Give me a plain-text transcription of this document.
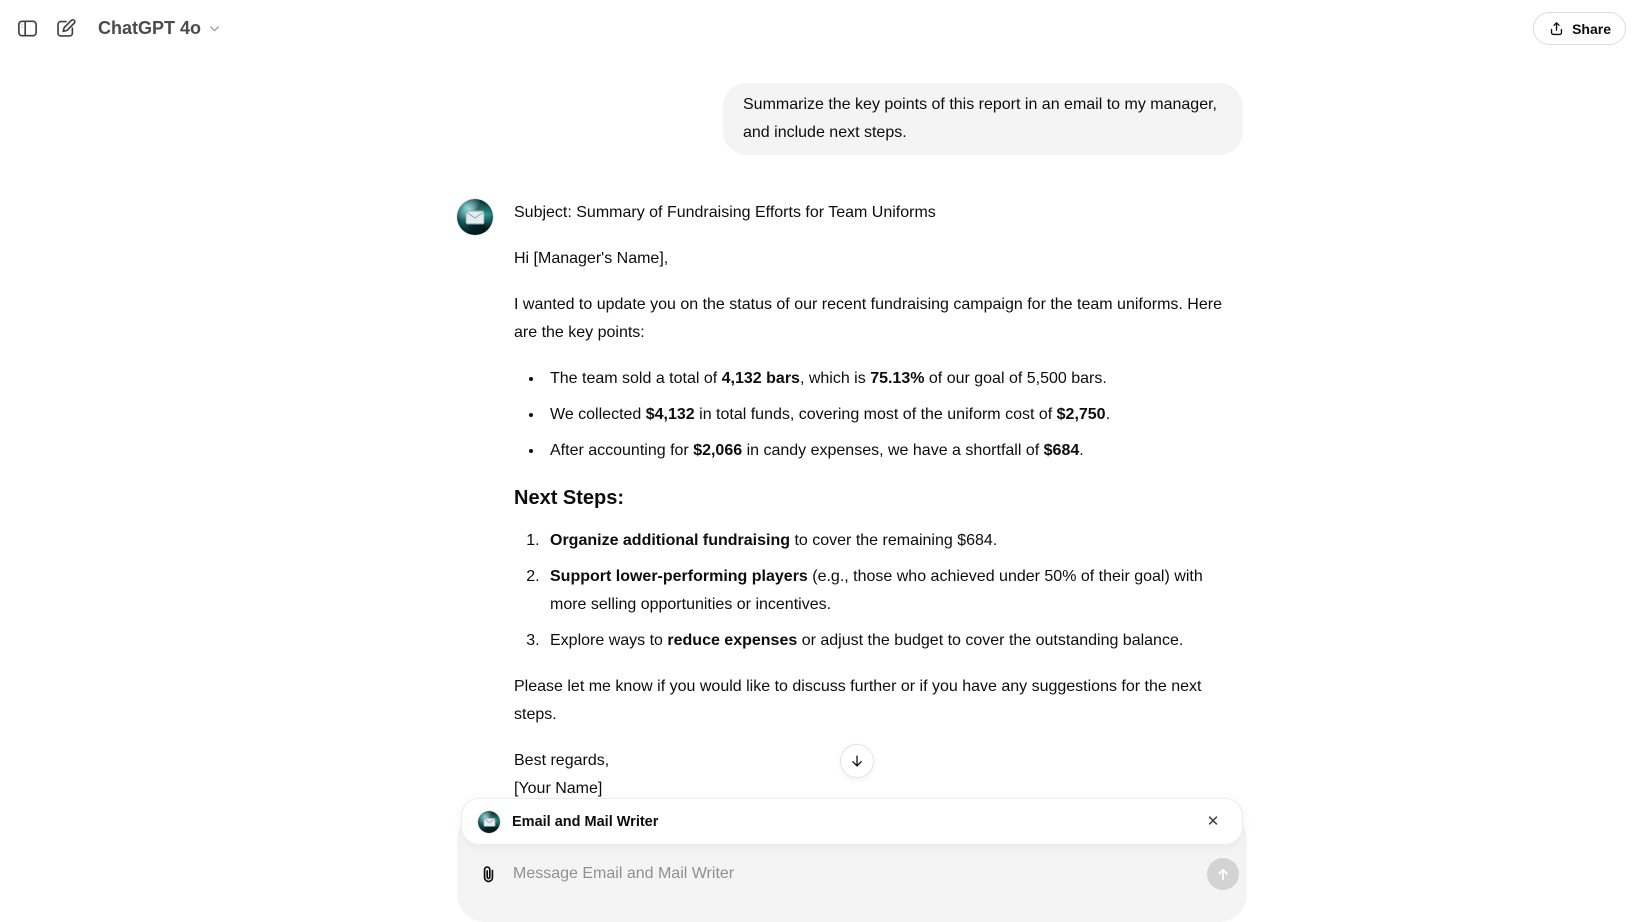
ChatGPT 4o	Share

Summarize the key points of this report in an email to my manager, and include next steps.

Subject: Summary of Fundraising Efforts for Team Uniforms

Hi [Manager's Name],

I wanted to update you on the status of our recent fundraising campaign for the team uniforms. Here are the key points:

• The team sold a total of 4,132 bars, which is 75.13% of our goal of 5,500 bars.
• We collected $4,132 in total funds, covering most of the uniform cost of $2,750.
• After accounting for $2,066 in candy expenses, we have a shortfall of $684.
Next Steps:
1. Organize additional fundraising to cover the remaining $684.
2. Support lower-performing players (e.g., those who achieved under 50% of their goal) with more selling opportunities or incentives.
3. Explore ways to reduce expenses or adjust the budget to cover the outstanding balance.

Please let me know if you would like to discuss further or if you have any suggestions for the next steps.

Best regards,
[Your Name]

Email and Mail Writer	✕
Message Email and Mail Writer
